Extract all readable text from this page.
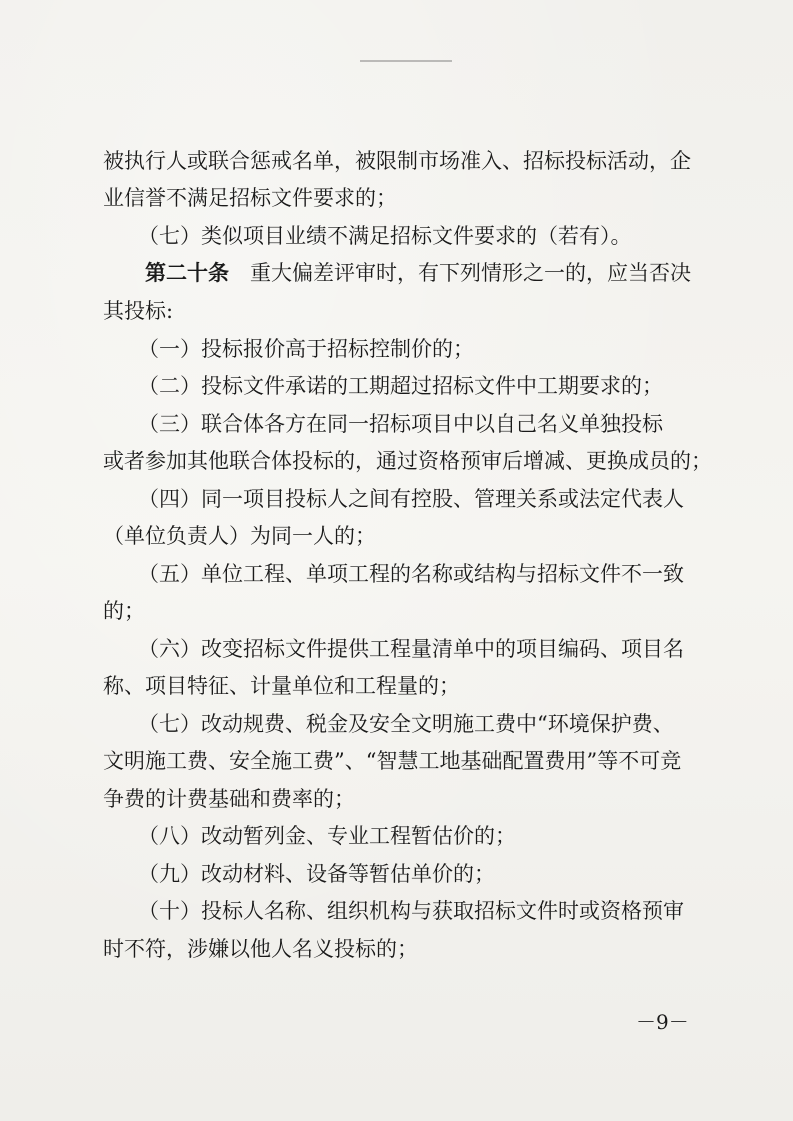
被执行人或联合惩戒名单，被限制市场准入、招标投标活动，企
业信誉不满足招标文件要求的；
（七）类似项目业绩不满足招标文件要求的（若有）。
第二十条 重大偏差评审时，有下列情形之一的，应当否决
其投标:
（一）投标报价高于招标控制价的；
（二）投标文件承诺的工期超过招标文件中工期要求的；
（三）联合体各方在同一招标项目中以自己名义单独投标
或者参加其他联合体投标的，通过资格预审后增减、更换成员的；
（四）同一项目投标人之间有控股、管理关系或法定代表人
（单位负责人）为同一人的；
（五）单位工程、单项工程的名称或结构与招标文件不一致
的；
（六）改变招标文件提供工程量清单中的项目编码、项目名
称、项目特征、计量单位和工程量的；
（七）改动规费、税金及安全文明施工费中“环境保护费、
文明施工费、安全施工费”、“智慧工地基础配置费用”等不可竞
争费的计费基础和费率的；
（八）改动暂列金、专业工程暂估价的；
（九）改动材料、设备等暂估单价的；
（十）投标人名称、组织机构与获取招标文件时或资格预审
时不符，涉嫌以他人名义投标的；
－9－
